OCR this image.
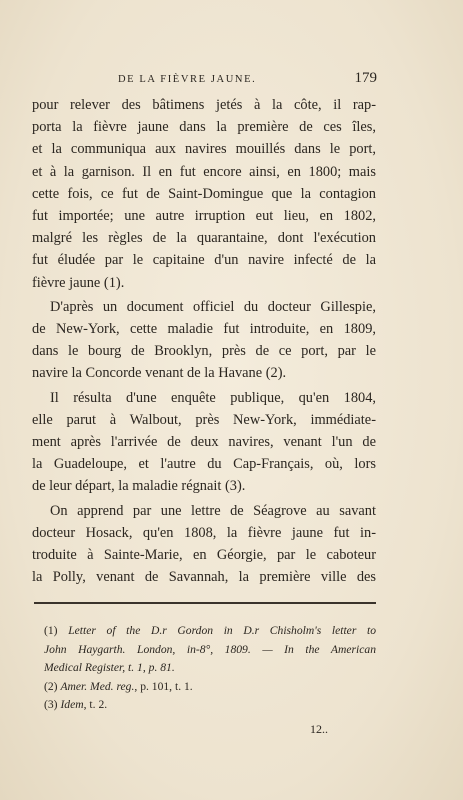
DE LA FIÈVRE JAUNE.	179
pour relever des bâtimens jetés à la côte, il rap-
porta la fièvre jaune dans la première de ces îles,
et la communiqua aux navires mouillés dans le port,
et à la garnison. Il en fut encore ainsi, en 1800; mais
cette fois, ce fut de Saint-Domingue que la contagion
fut importée; une autre irruption eut lieu, en 1802,
malgré les règles de la quarantaine, dont l'exécution
fut éludée par le capitaine d'un navire infecté de la
fièvre jaune (1).
D'après un document officiel du docteur Gillespie,
de New-York, cette maladie fut introduite, en 1809,
dans le bourg de Brooklyn, près de ce port, par le
navire la Concorde venant de la Havane (2).
Il résulta d'une enquête publique, qu'en 1804,
elle parut à Walbout, près New-York, immédiate-
ment après l'arrivée de deux navires, venant l'un de
la Guadeloupe, et l'autre du Cap-Français, où, lors
de leur départ, la maladie régnait (3).
On apprend par une lettre de Séagrove au savant
docteur Hosack, qu'en 1808, la fièvre jaune fut in-
troduite à Sainte-Marie, en Géorgie, par le caboteur
la Polly, venant de Savannah, la première ville des
(1) Letter of the D.r Gordon in D.r Chisholm's letter to
John Haygarth. London, in-8°, 1809. — In the American
Medical Register, t. 1, p. 81.
(2) Amer. Med. reg., p. 101, t. 1.
(3) Idem, t. 2.
12..
